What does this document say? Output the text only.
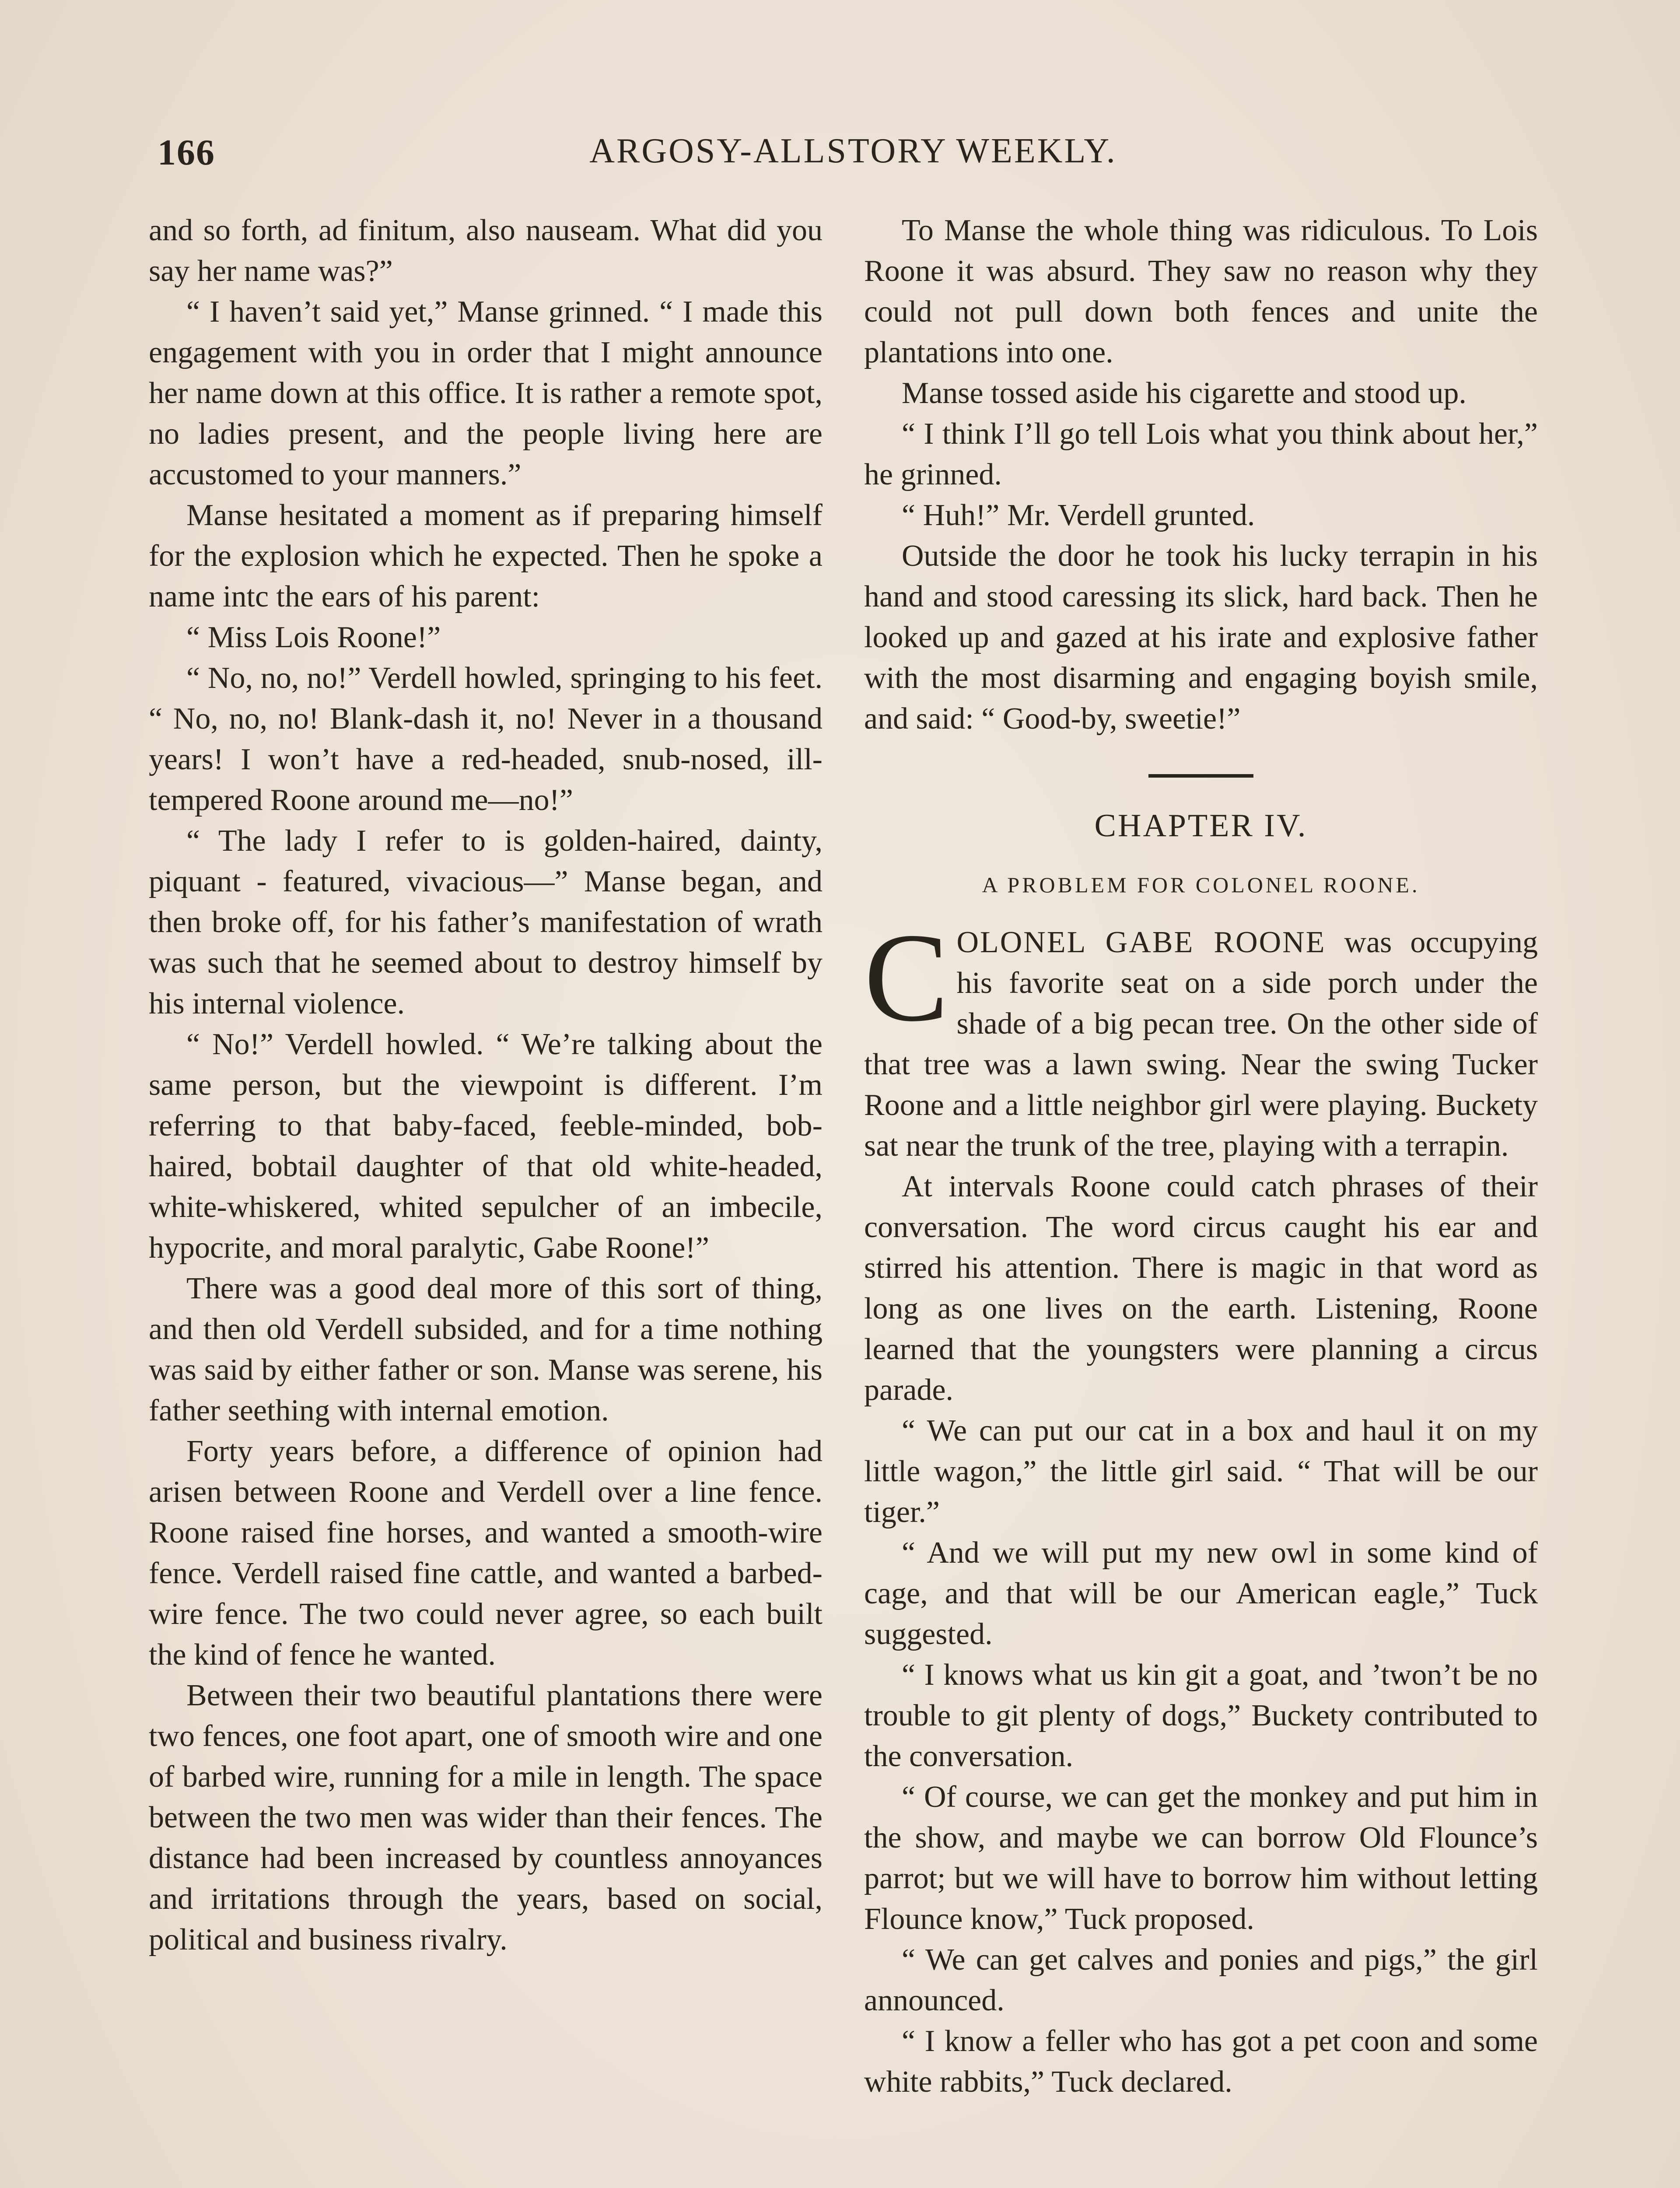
166	ARGOSY-ALLSTORY WEEKLY.

and so forth, ad finitum, also nauseam. What did you say her name was?”

“ I haven’t said yet,” Manse grinned. “ I made this engagement with you in order that I might announce her name down at this office. It is rather a remote spot, no ladies present, and the people living here are accustomed to your manners.”

Manse hesitated a moment as if preparing himself for the explosion which he expected. Then he spoke a name intc the ears of his parent:

“ Miss Lois Roone!”

“ No, no, no!” Verdell howled, springing to his feet. “ No, no, no! Blank-dash it, no! Never in a thousand years! I won’t have a red-headed, snub-nosed, ill-tempered Roone around me—no!”

“ The lady I refer to is golden-haired, dainty, piquant - featured, vivacious—” Manse began, and then broke off, for his father’s manifestation of wrath was such that he seemed about to destroy himself by his internal violence.

“ No!” Verdell howled. “ We’re talking about the same person, but the viewpoint is different. I’m referring to that baby-faced, feeble-minded, bob-haired, bobtail daughter of that old white-headed, white-whiskered, whited sepulcher of an imbecile, hypocrite, and moral paralytic, Gabe Roone!”

There was a good deal more of this sort of thing, and then old Verdell subsided, and for a time nothing was said by either father or son. Manse was serene, his father seething with internal emotion.

Forty years before, a difference of opinion had arisen between Roone and Verdell over a line fence. Roone raised fine horses, and wanted a smooth-wire fence. Verdell raised fine cattle, and wanted a barbed-wire fence. The two could never agree, so each built the kind of fence he wanted.

Between their two beautiful plantations there were two fences, one foot apart, one of smooth wire and one of barbed wire, running for a mile in length. The space between the two men was wider than their fences. The distance had been increased by countless annoyances and irritations through the years, based on social, political and business rivalry.

To Manse the whole thing was ridiculous. To Lois Roone it was absurd. They saw no reason why they could not pull down both fences and unite the plantations into one.

Manse tossed aside his cigarette and stood up.

“ I think I’ll go tell Lois what you think about her,” he grinned.

“ Huh!” Mr. Verdell grunted.

Outside the door he took his lucky terrapin in his hand and stood caressing its slick, hard back. Then he looked up and gazed at his irate and explosive father with the most disarming and engaging boyish smile, and said: “ Good-by, sweetie!”

CHAPTER IV.
A PROBLEM FOR COLONEL ROONE.

COLONEL GABE ROONE was occupying his favorite seat on a side porch under the shade of a big pecan tree. On the other side of that tree was a lawn swing. Near the swing Tucker Roone and a little neighbor girl were playing. Buckety sat near the trunk of the tree, playing with a terrapin.

At intervals Roone could catch phrases of their conversation. The word circus caught his ear and stirred his attention. There is magic in that word as long as one lives on the earth. Listening, Roone learned that the youngsters were planning a circus parade.

“ We can put our cat in a box and haul it on my little wagon,” the little girl said. “ That will be our tiger.”

“ And we will put my new owl in some kind of cage, and that will be our American eagle,” Tuck suggested.

“ I knows what us kin git a goat, and ’twon’t be no trouble to git plenty of dogs,” Buckety contributed to the conversation.

“ Of course, we can get the monkey and put him in the show, and maybe we can borrow Old Flounce’s parrot; but we will have to borrow him without letting Flounce know,” Tuck proposed.

“ We can get calves and ponies and pigs,” the girl announced.

“ I know a feller who has got a pet coon and some white rabbits,” Tuck declared.
